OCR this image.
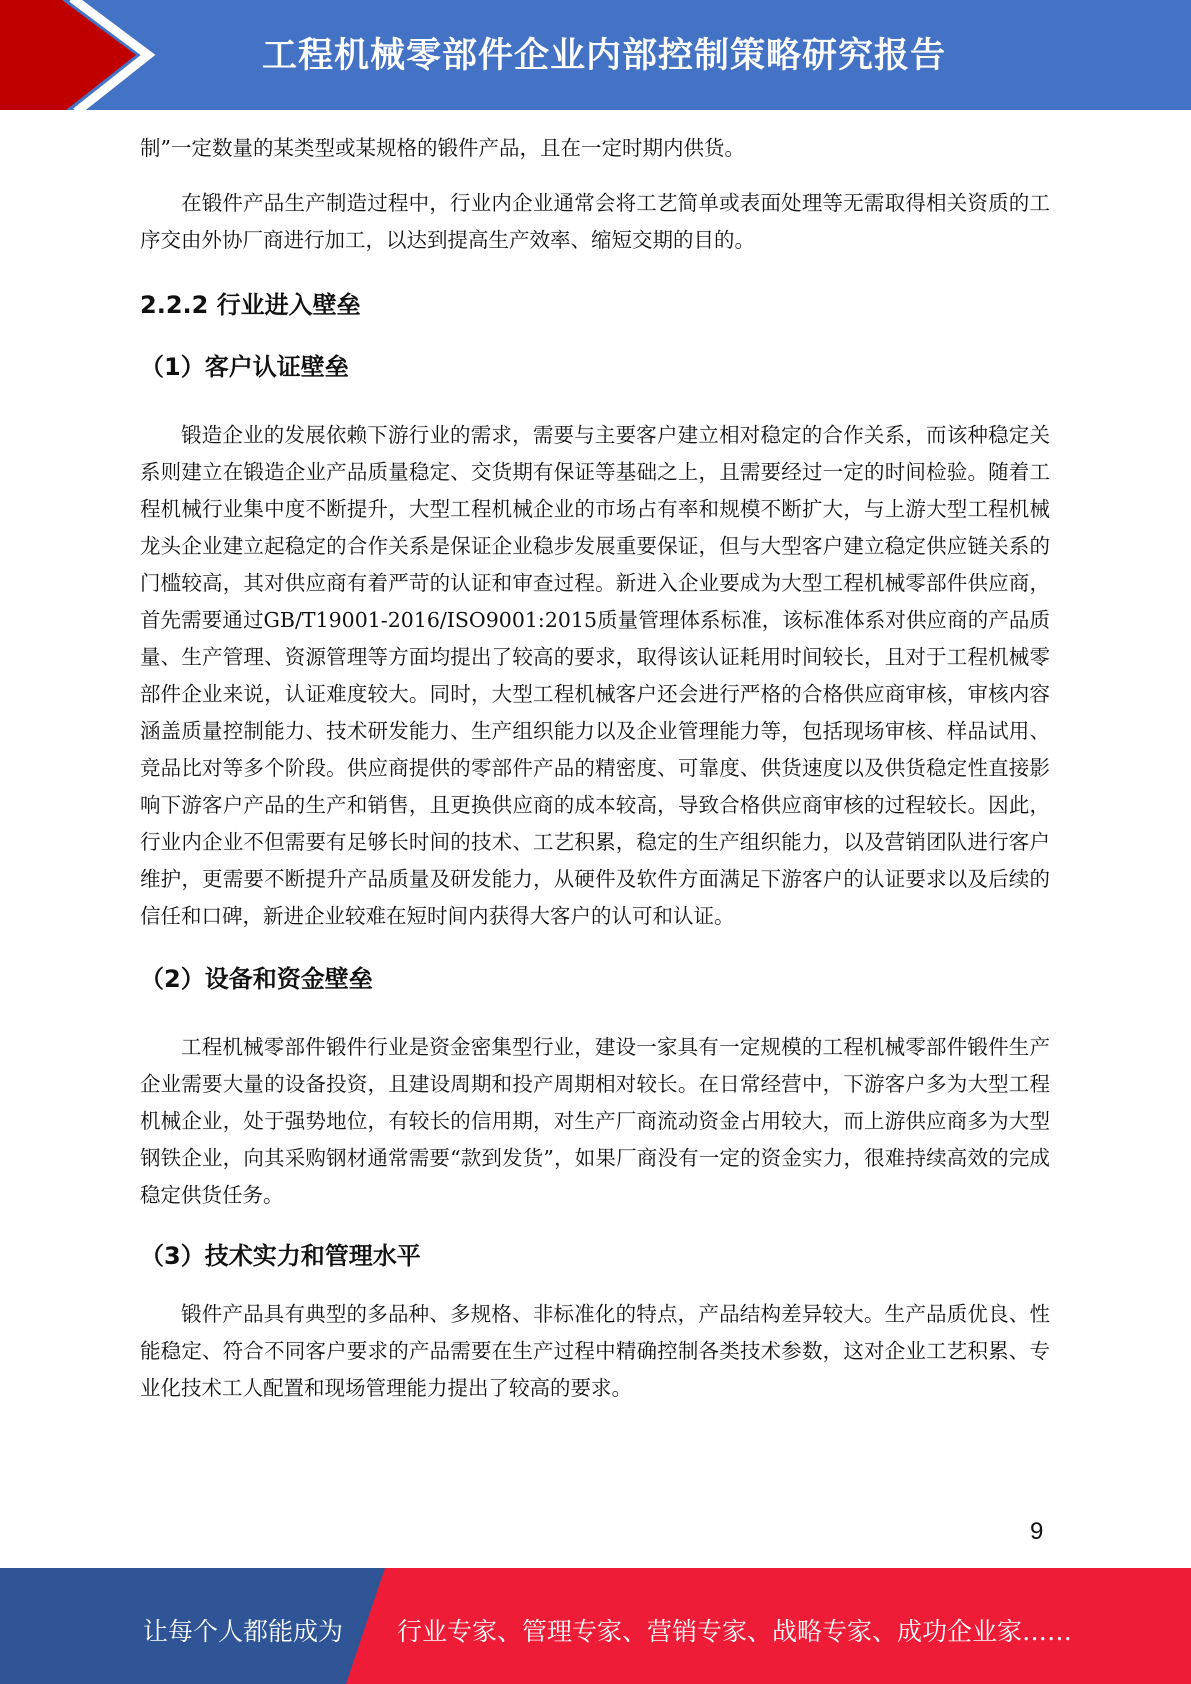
工程机械零部件企业内部控制策略研究报告

制”一定数量的某类型或某规格的锻件产品，且在一定时期内供货。

在锻件产品生产制造过程中，行业内企业通常会将工艺简单或表面处理等无需取得相关资质的工序交由外协厂商进行加工，以达到提高生产效率、缩短交期的目的。

2.2.2 行业进入壁垒
（1）客户认证壁垒

锻造企业的发展依赖下游行业的需求，需要与主要客户建立相对稳定的合作关系，而该种稳定关系则建立在锻造企业产品质量稳定、交货期有保证等基础之上，且需要经过一定的时间检验。随着工程机械行业集中度不断提升，大型工程机械企业的市场占有率和规模不断扩大，与上游大型工程机械龙头企业建立起稳定的合作关系是保证企业稳步发展重要保证，但与大型客户建立稳定供应链关系的门槛较高，其对供应商有着严苛的认证和审查过程。新进入企业要成为大型工程机械零部件供应商，首先需要通过GB/T19001-2016/ISO9001:2015质量管理体系标准，该标准体系对供应商的产品质量、生产管理、资源管理等方面均提出了较高的要求，取得该认证耗用时间较长，且对于工程机械零部件企业来说，认证难度较大。同时，大型工程机械客户还会进行严格的合格供应商审核，审核内容涵盖质量控制能力、技术研发能力、生产组织能力以及企业管理能力等，包括现场审核、样品试用、竞品比对等多个阶段。供应商提供的零部件产品的精密度、可靠度、供货速度以及供货稳定性直接影响下游客户产品的生产和销售，且更换供应商的成本较高，导致合格供应商审核的过程较长。因此，行业内企业不但需要有足够长时间的技术、工艺积累，稳定的生产组织能力，以及营销团队进行客户维护，更需要不断提升产品质量及研发能力，从硬件及软件方面满足下游客户的认证要求以及后续的信任和口碑，新进企业较难在短时间内获得大客户的认可和认证。

（2）设备和资金壁垒

工程机械零部件锻件行业是资金密集型行业，建设一家具有一定规模的工程机械零部件锻件生产企业需要大量的设备投资，且建设周期和投产周期相对较长。在日常经营中，下游客户多为大型工程机械企业，处于强势地位，有较长的信用期，对生产厂商流动资金占用较大，而上游供应商多为大型钢铁企业，向其采购钢材通常需要“款到发货”，如果厂商没有一定的资金实力，很难持续高效的完成稳定供货任务。

（3）技术实力和管理水平

锻件产品具有典型的多品种、多规格、非标准化的特点，产品结构差异较大。生产品质优良、性能稳定、符合不同客户要求的产品需要在生产过程中精确控制各类技术参数，这对企业工艺积累、专业化技术工人配置和现场管理能力提出了较高的要求。

9
让每个人都能成为 行业专家、管理专家、营销专家、战略专家、成功企业家……
